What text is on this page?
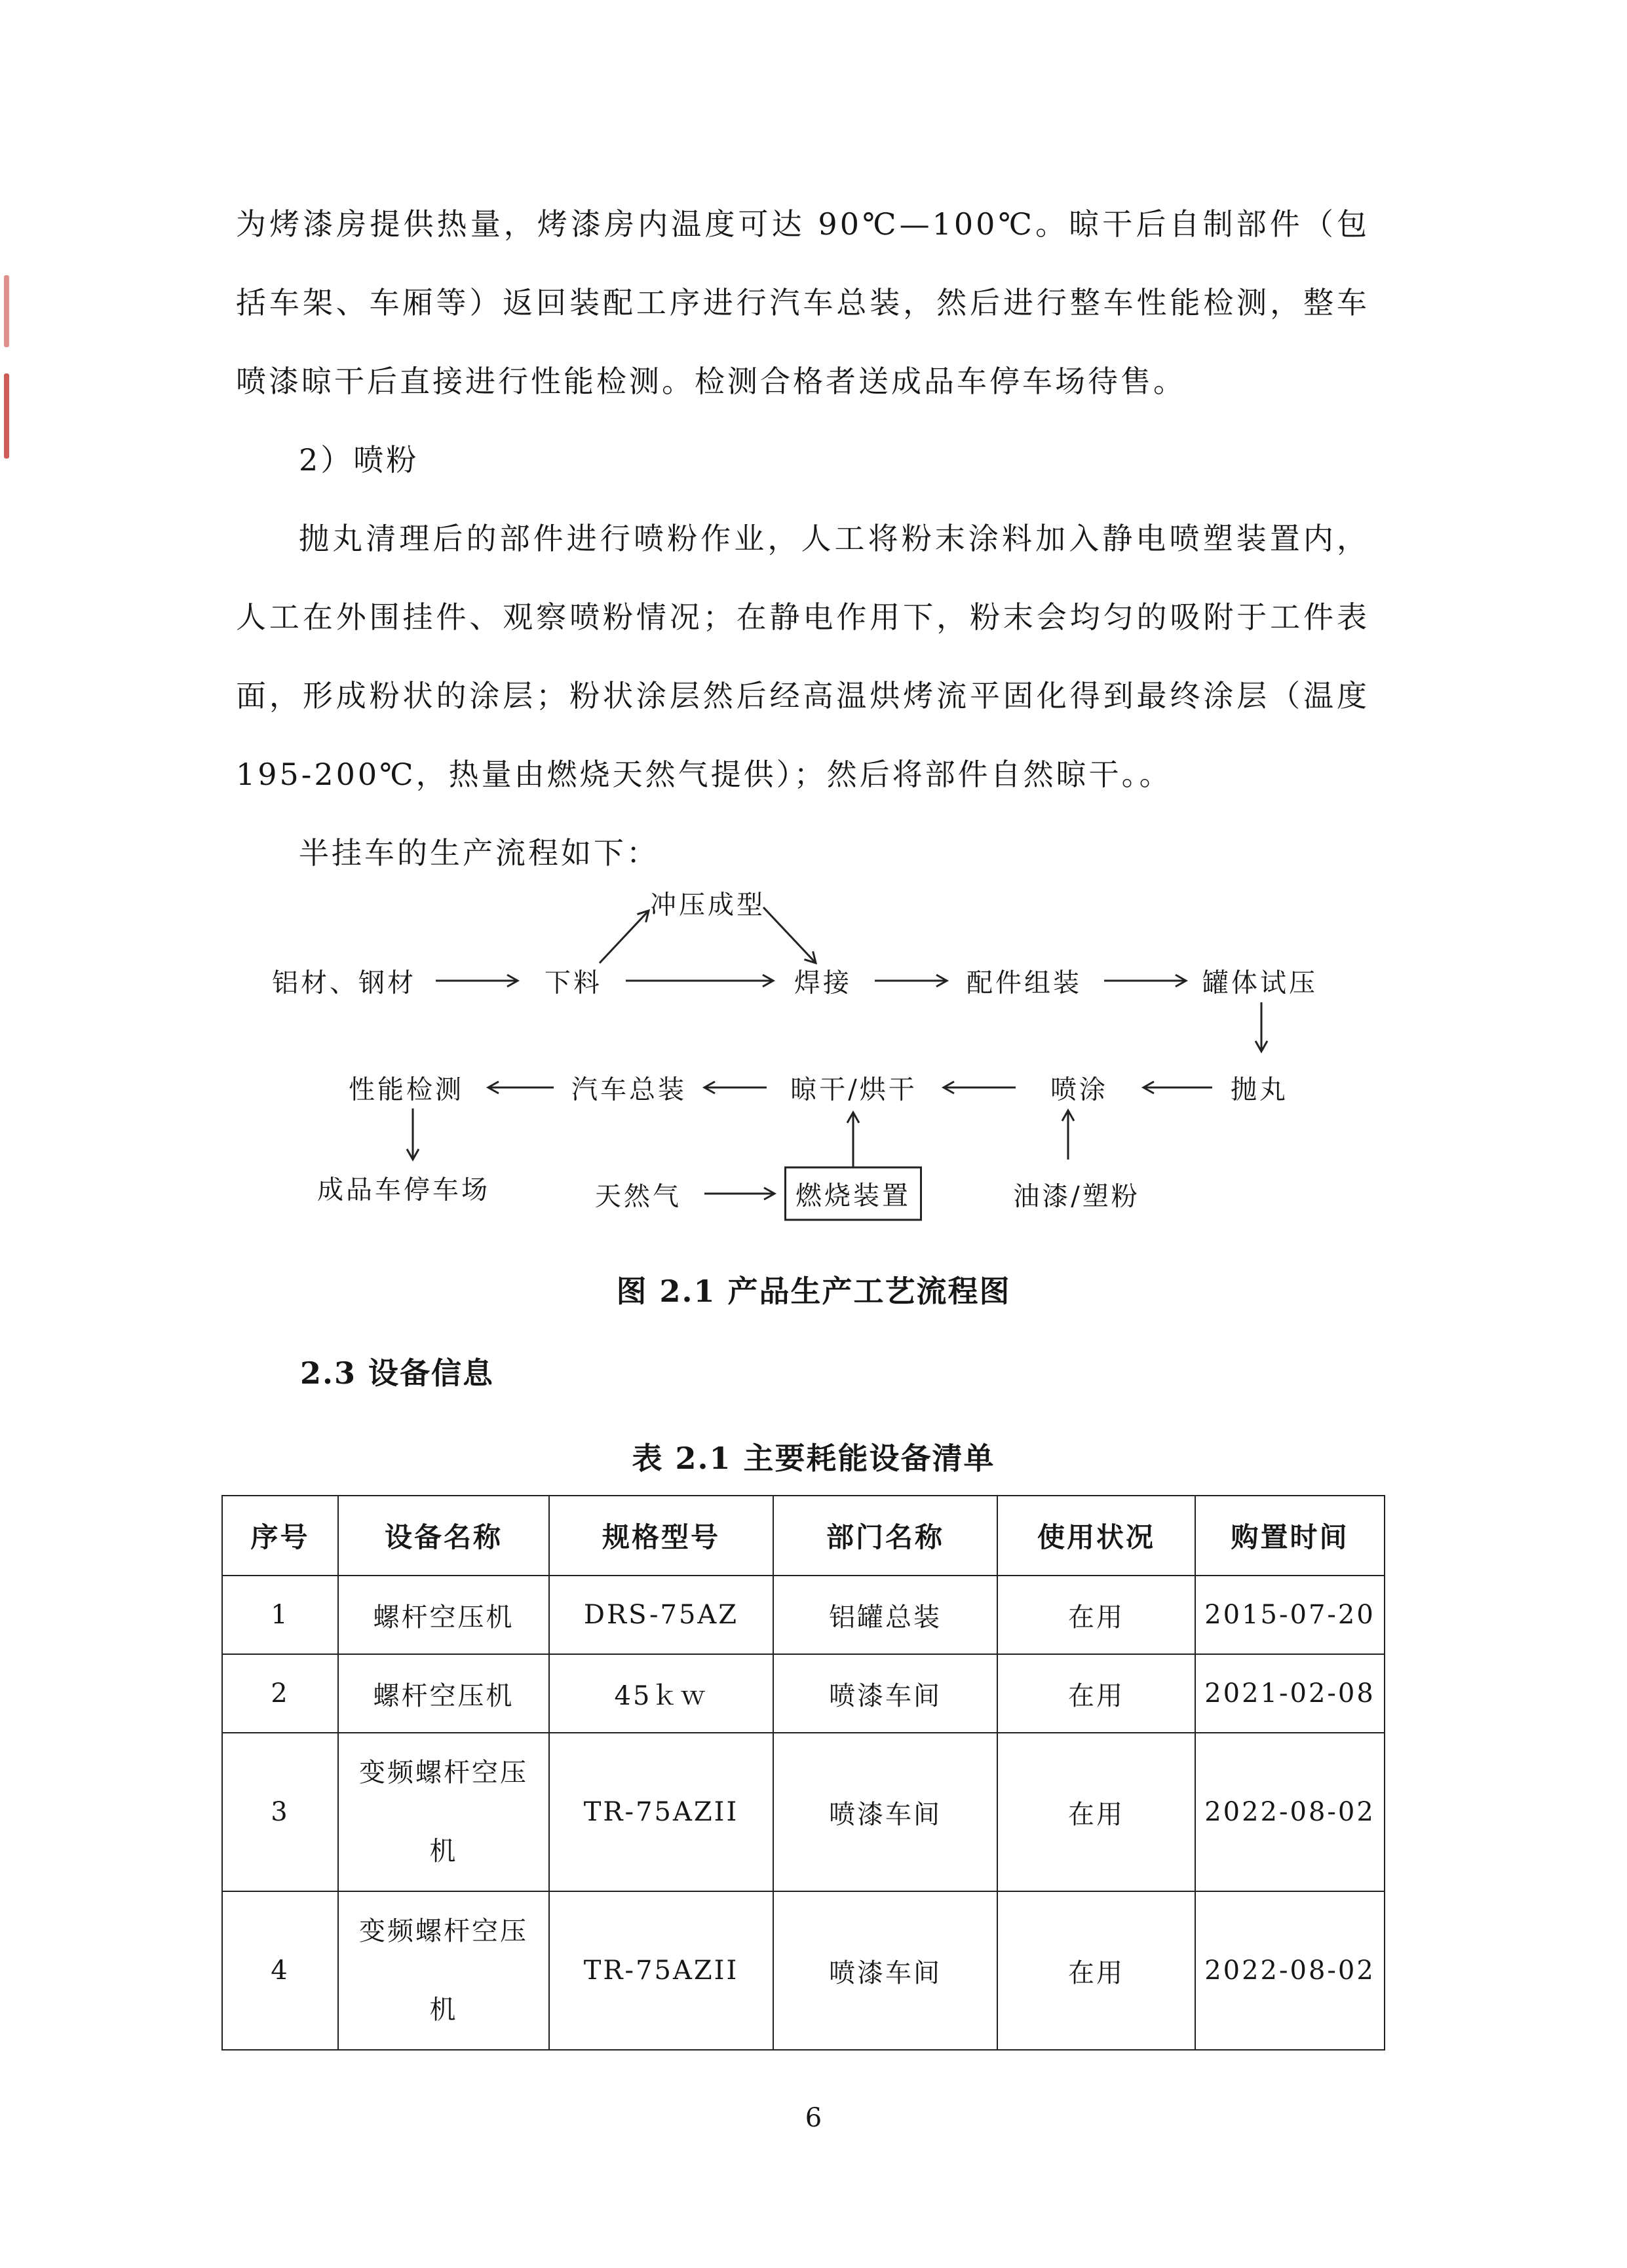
为烤漆房提供热量，烤漆房内温度可达 90℃—100℃。晾干后自制部件（包括车架、车厢等）返回装配工序进行汽车总装，然后进行整车性能检测，整车喷漆晾干后直接进行性能检测。检测合格者送成品车停车场待售。

2）喷粉

抛丸清理后的部件进行喷粉作业，人工将粉末涂料加入静电喷塑装置内，人工在外围挂件、观察喷粉情况；在静电作用下，粉末会均匀的吸附于工件表面，形成粉状的涂层；粉状涂层然后经高温烘烤流平固化得到最终涂层（温度 195-200℃，热量由燃烧天然气提供）；然后将部件自然晾干。。

半挂车的生产流程如下：

铝材、钢材	下料
冲压成型
焊接	配件组装	罐体试压
抛丸
喷涂
晾干/烘干
汽车总装
性能检测
成品车停车场	天然气	燃烧装置	油漆/塑粉
图 2.1 产品生产工艺流程图
2.3 设备信息
表 2.1 主要耗能设备清单
序号	设备名称	规格型号	部门名称	使用状况	购置时间
1	螺杆空压机	DRS-75AZ	铝罐总装	在用	2015-07-20
2	螺杆空压机	45ｋｗ	喷漆车间	在用	2021-02-08
3	变频螺杆空压机	TR-75AZII	喷漆车间	在用	2022-08-02
4	变频螺杆空压机	TR-75AZII	喷漆车间	在用	2022-08-02
6
